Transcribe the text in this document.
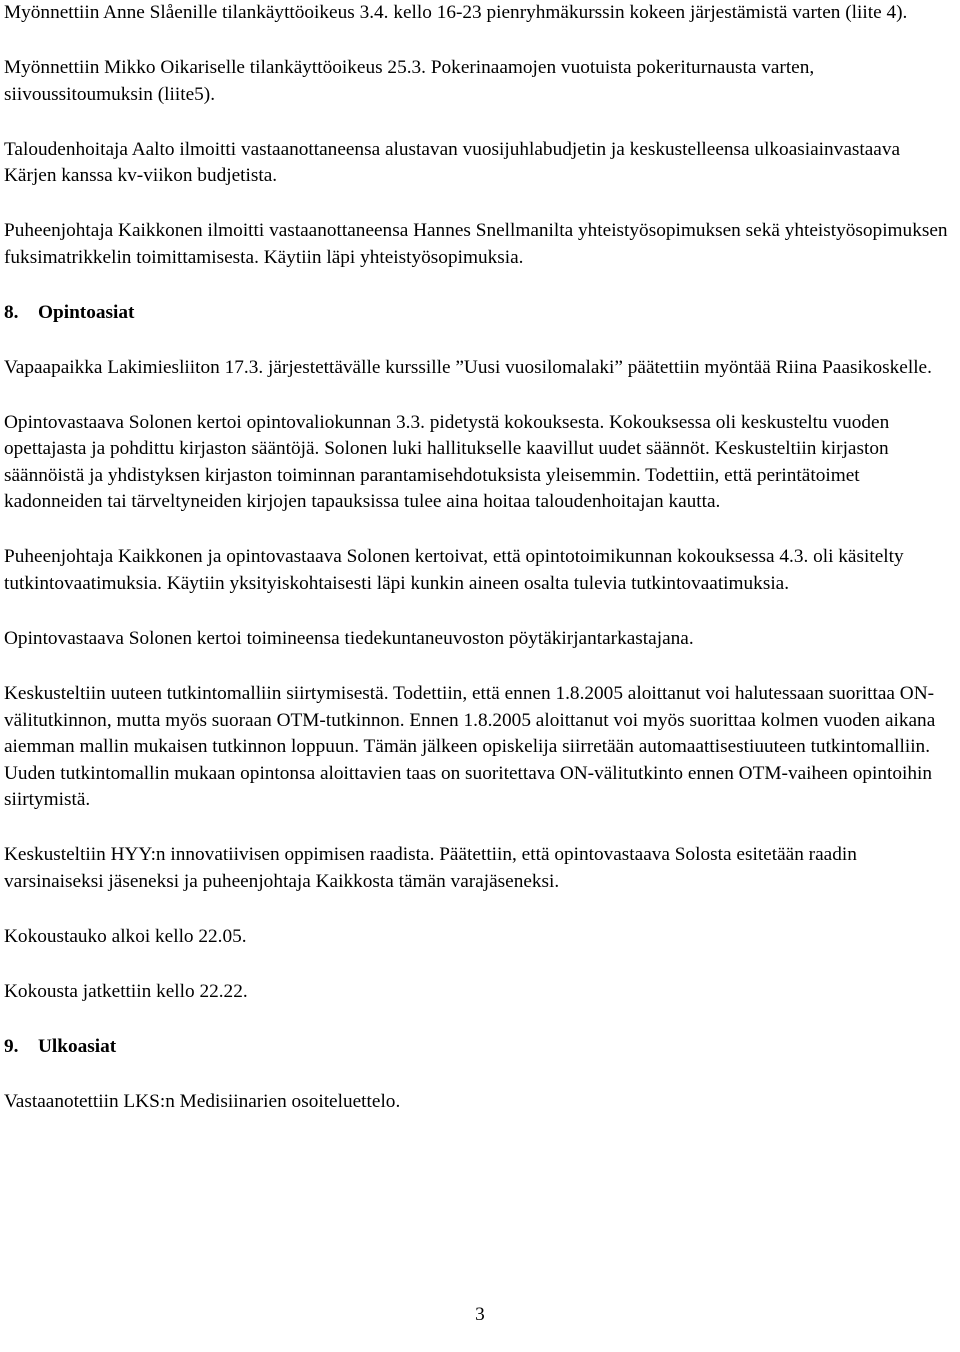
Myönnettiin Anne Slåenille tilankäyttöoikeus 3.4. kello 16-23 pienryhmäkurssin kokeen järjestämistä varten (liite 4).

Myönnettiin Mikko Oikariselle tilankäyttöoikeus 25.3. Pokerinaamojen vuotuista pokeriturnausta varten, siivoussitoumuksin (liite5).

Taloudenhoitaja Aalto ilmoitti vastaanottaneensa alustavan vuosijuhlabudjetin ja keskustelleensa ulkoasiainvastaava Kärjen kanssa kv-viikon budjetista.

Puheenjohtaja Kaikkonen ilmoitti vastaanottaneensa Hannes Snellmanilta yhteistyösopimuksen sekä yhteistyösopimuksen fuksimatrikkelin toimittamisesta. Käytiin läpi yhteistyösopimuksia.

8. Opintoasiat

Vapaapaikka Lakimiesliiton 17.3. järjestettävälle kurssille ”Uusi vuosilomalaki” päätettiin myöntää Riina Paasikoskelle.

Opintovastaava Solonen kertoi opintovaliokunnan 3.3. pidetystä kokouksesta. Kokouksessa oli keskusteltu vuoden opettajasta ja pohdittu kirjaston sääntöjä. Solonen luki hallitukselle kaavillut uudet säännöt. Keskusteltiin kirjaston säännöistä ja yhdistyksen kirjaston toiminnan parantamisehdotuksista yleisemmin. Todettiin, että perintätoimet kadonneiden tai tärveltyneiden kirjojen tapauksissa tulee aina hoitaa taloudenhoitajan kautta.

Puheenjohtaja Kaikkonen ja opintovastaava Solonen kertoivat, että opintotoimikunnan kokouksessa 4.3. oli käsitelty tutkintovaatimuksia. Käytiin yksityiskohtaisesti läpi kunkin aineen osalta tulevia tutkintovaatimuksia.

Opintovastaava Solonen kertoi toimineensa tiedekuntaneuvoston pöytäkirjantarkastajana.

Keskusteltiin uuteen tutkintomalliin siirtymisestä. Todettiin, että ennen 1.8.2005 aloittanut voi halutessaan suorittaa ON-välitutkinnon, mutta myös suoraan OTM-tutkinnon. Ennen 1.8.2005 aloittanut voi myös suorittaa kolmen vuoden aikana aiemman mallin mukaisen tutkinnon loppuun. Tämän jälkeen opiskelija siirretään automaattisestiuuteen tutkintomalliin. Uuden tutkintomallin mukaan opintonsa aloittavien taas on suoritettava ON-välitutkinto ennen OTM-vaiheen opintoihin siirtymistä.

Keskusteltiin HYY:n innovatiivisen oppimisen raadista. Päätettiin, että opintovastaava Solosta esitetään raadin varsinaiseksi jäseneksi ja puheenjohtaja Kaikkosta tämän varajäseneksi.

Kokoustauko alkoi kello 22.05.

Kokousta jatkettiin kello 22.22.

9. Ulkoasiat

Vastaanotettiin LKS:n Medisiinarien osoiteluettelo.

3
